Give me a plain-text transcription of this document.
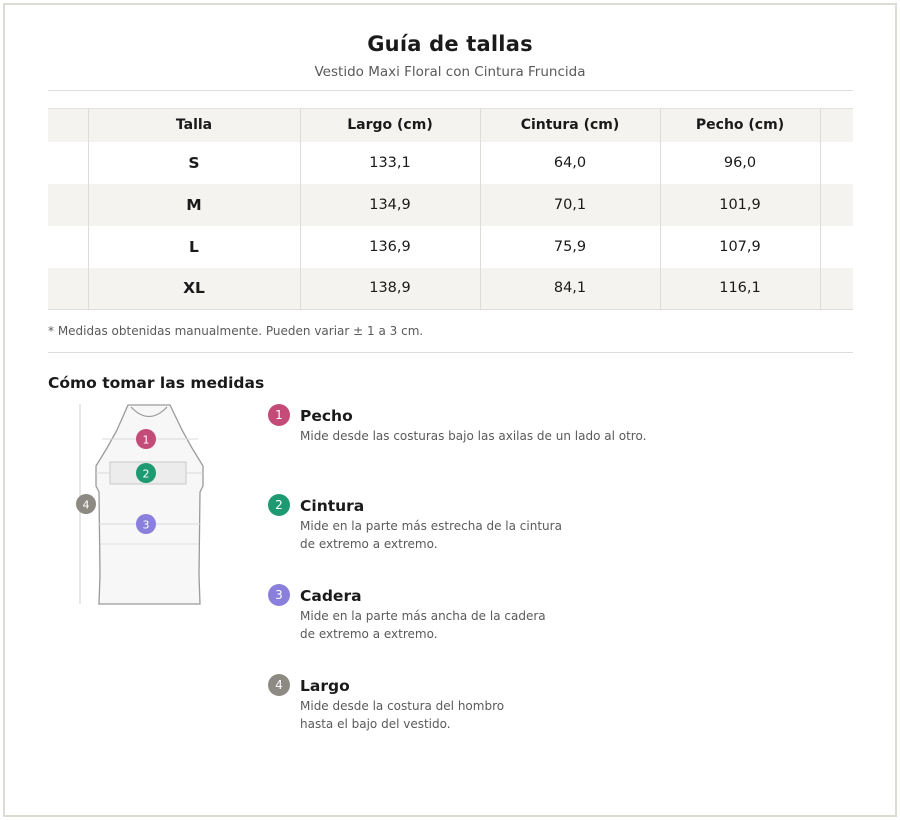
Guía de tallas
Vestido Maxi Floral con Cintura Fruncida
	Talla	Largo (cm)	Cintura (cm)	Pecho (cm)	
	S	133,1	64,0	96,0	
	M	134,9	70,1	101,9	
	L	136,9	75,9	107,9	
	XL	138,9	84,1	116,1	
* Medidas obtenidas manualmente. Pueden variar ± 1 a 3 cm.
Cómo tomar las medidas
1
2
3
4
1	Pecho
Mide desde las costuras bajo las axilas de un lado al otro.
2	Cintura
Mide en la parte más estrecha de la cintura
de extremo a extremo.
3	Cadera
Mide en la parte más ancha de la cadera
de extremo a extremo.
4	Largo
Mide desde la costura del hombro
hasta el bajo del vestido.
